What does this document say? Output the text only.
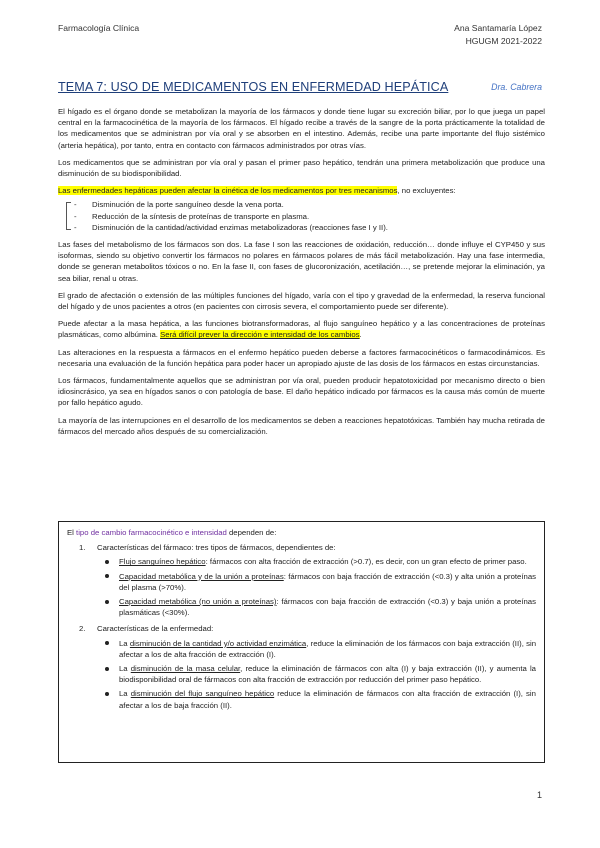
Farmacología Clínica	Ana Santamaría López
HGUGM 2021-2022
TEMA 7: USO DE MEDICAMENTOS EN ENFERMEDAD HEPÁTICA	Dra. Cabrera

El hígado es el órgano donde se metabolizan la mayoría de los fármacos y donde tiene lugar su excreción biliar, por lo que juega un papel central en la farmacocinética de la mayoría de los fármacos. El hígado recibe a través de la sangre de la porta prácticamente la totalidad de los medicamentos que se administran por vía oral y se absorben en el intestino. Además, recibe una parte importante del flujo sistémico (arteria hepática), por tanto, entra en contacto con fármacos administrados por otras vías.

Los medicamentos que se administran por vía oral y pasan el primer paso hepático, tendrán una primera metabolización que produce una disminución de su biodisponibilidad.

Las enfermedades hepáticas pueden afectar la cinética de los medicamentos por tres mecanismos, no excluyentes:

- Disminución de la porte sanguíneo desde la vena porta.
- Reducción de la síntesis de proteínas de transporte en plasma.
- Disminución de la cantidad/actividad enzimas metabolizadoras (reacciones fase I y II).

Las fases del metabolismo de los fármacos son dos. La fase I son las reacciones de oxidación, reducción… donde influye el CYP450 y sus isoformas, siendo su objetivo convertir los fármacos no polares en fármacos polares de más fácil metabolización. Hay una fase intermedia, donde se generan metabolitos tóxicos o no. En la fase II, con fases de glucoronización, acetilación…, se pretende mejorar la eliminación, ya sea biliar, renal u otras.

El grado de afectación o extensión de las múltiples funciones del hígado, varía con el tipo y gravedad de la enfermedad, la reserva funcional del hígado y de unos pacientes a otros (en pacientes con cirrosis severa, el comportamiento puede ser diferente).

Puede afectar a la masa hepática, a las funciones biotransformadoras, al flujo sanguíneo hepático y a las concentraciones de proteínas plasmáticas, como albúmina. Será difícil prever la dirección e intensidad de los cambios.

Las alteraciones en la respuesta a fármacos en el enfermo hepático pueden deberse a factores farmacocinéticos o farmacodinámicos. Es necesaria una evaluación de la función hepática para poder hacer un apropiado ajuste de las dosis de los fármacos en estas circunstancias.

Los fármacos, fundamentalmente aquellos que se administran por vía oral, pueden producir hepatotoxicidad por mecanismo directo o bien idiosincrásico, ya sea en hígados sanos o con patología de base. El daño hepático indicado por fármacos es la causa más común de muerte por fallo hepático agudo.

La mayoría de las interrupciones en el desarrollo de los medicamentos se deben a reacciones hepatotóxicas. También hay mucha retirada de fármacos del mercado años después de su comercialización.

El tipo de cambio farmacocinético e intensidad dependen de:

1. Características del fármaco: tres tipos de fármacos, dependientes de:
Flujo sanguíneo hepático: fármacos con alta fracción de extracción (>0.7), es decir, con un gran efecto de primer paso.
Capacidad metabólica y de la unión a proteínas: fármacos con baja fracción de extracción (<0.3) y alta unión a proteínas del plasma (>70%).
Capacidad metabólica (no unión a proteínas): fármacos con baja fracción de extracción (<0.3) y baja unión a proteínas plasmáticas (<30%).
2. Características de la enfermedad:
La disminución de la cantidad y/o actividad enzimática, reduce la eliminación de los fármacos con baja extracción (II), sin afectar a los de alta fracción de extracción (I).
La disminución de la masa celular, reduce la eliminación de fármacos con alta (I) y baja extracción (II), y aumenta la biodisponibilidad oral de fármacos con alta fracción de extracción por reducción del primer paso hepático.
La disminución del flujo sanguíneo hepático reduce la eliminación de fármacos con alta fracción de extracción (I), sin afectar a los de baja fracción (II).
1
